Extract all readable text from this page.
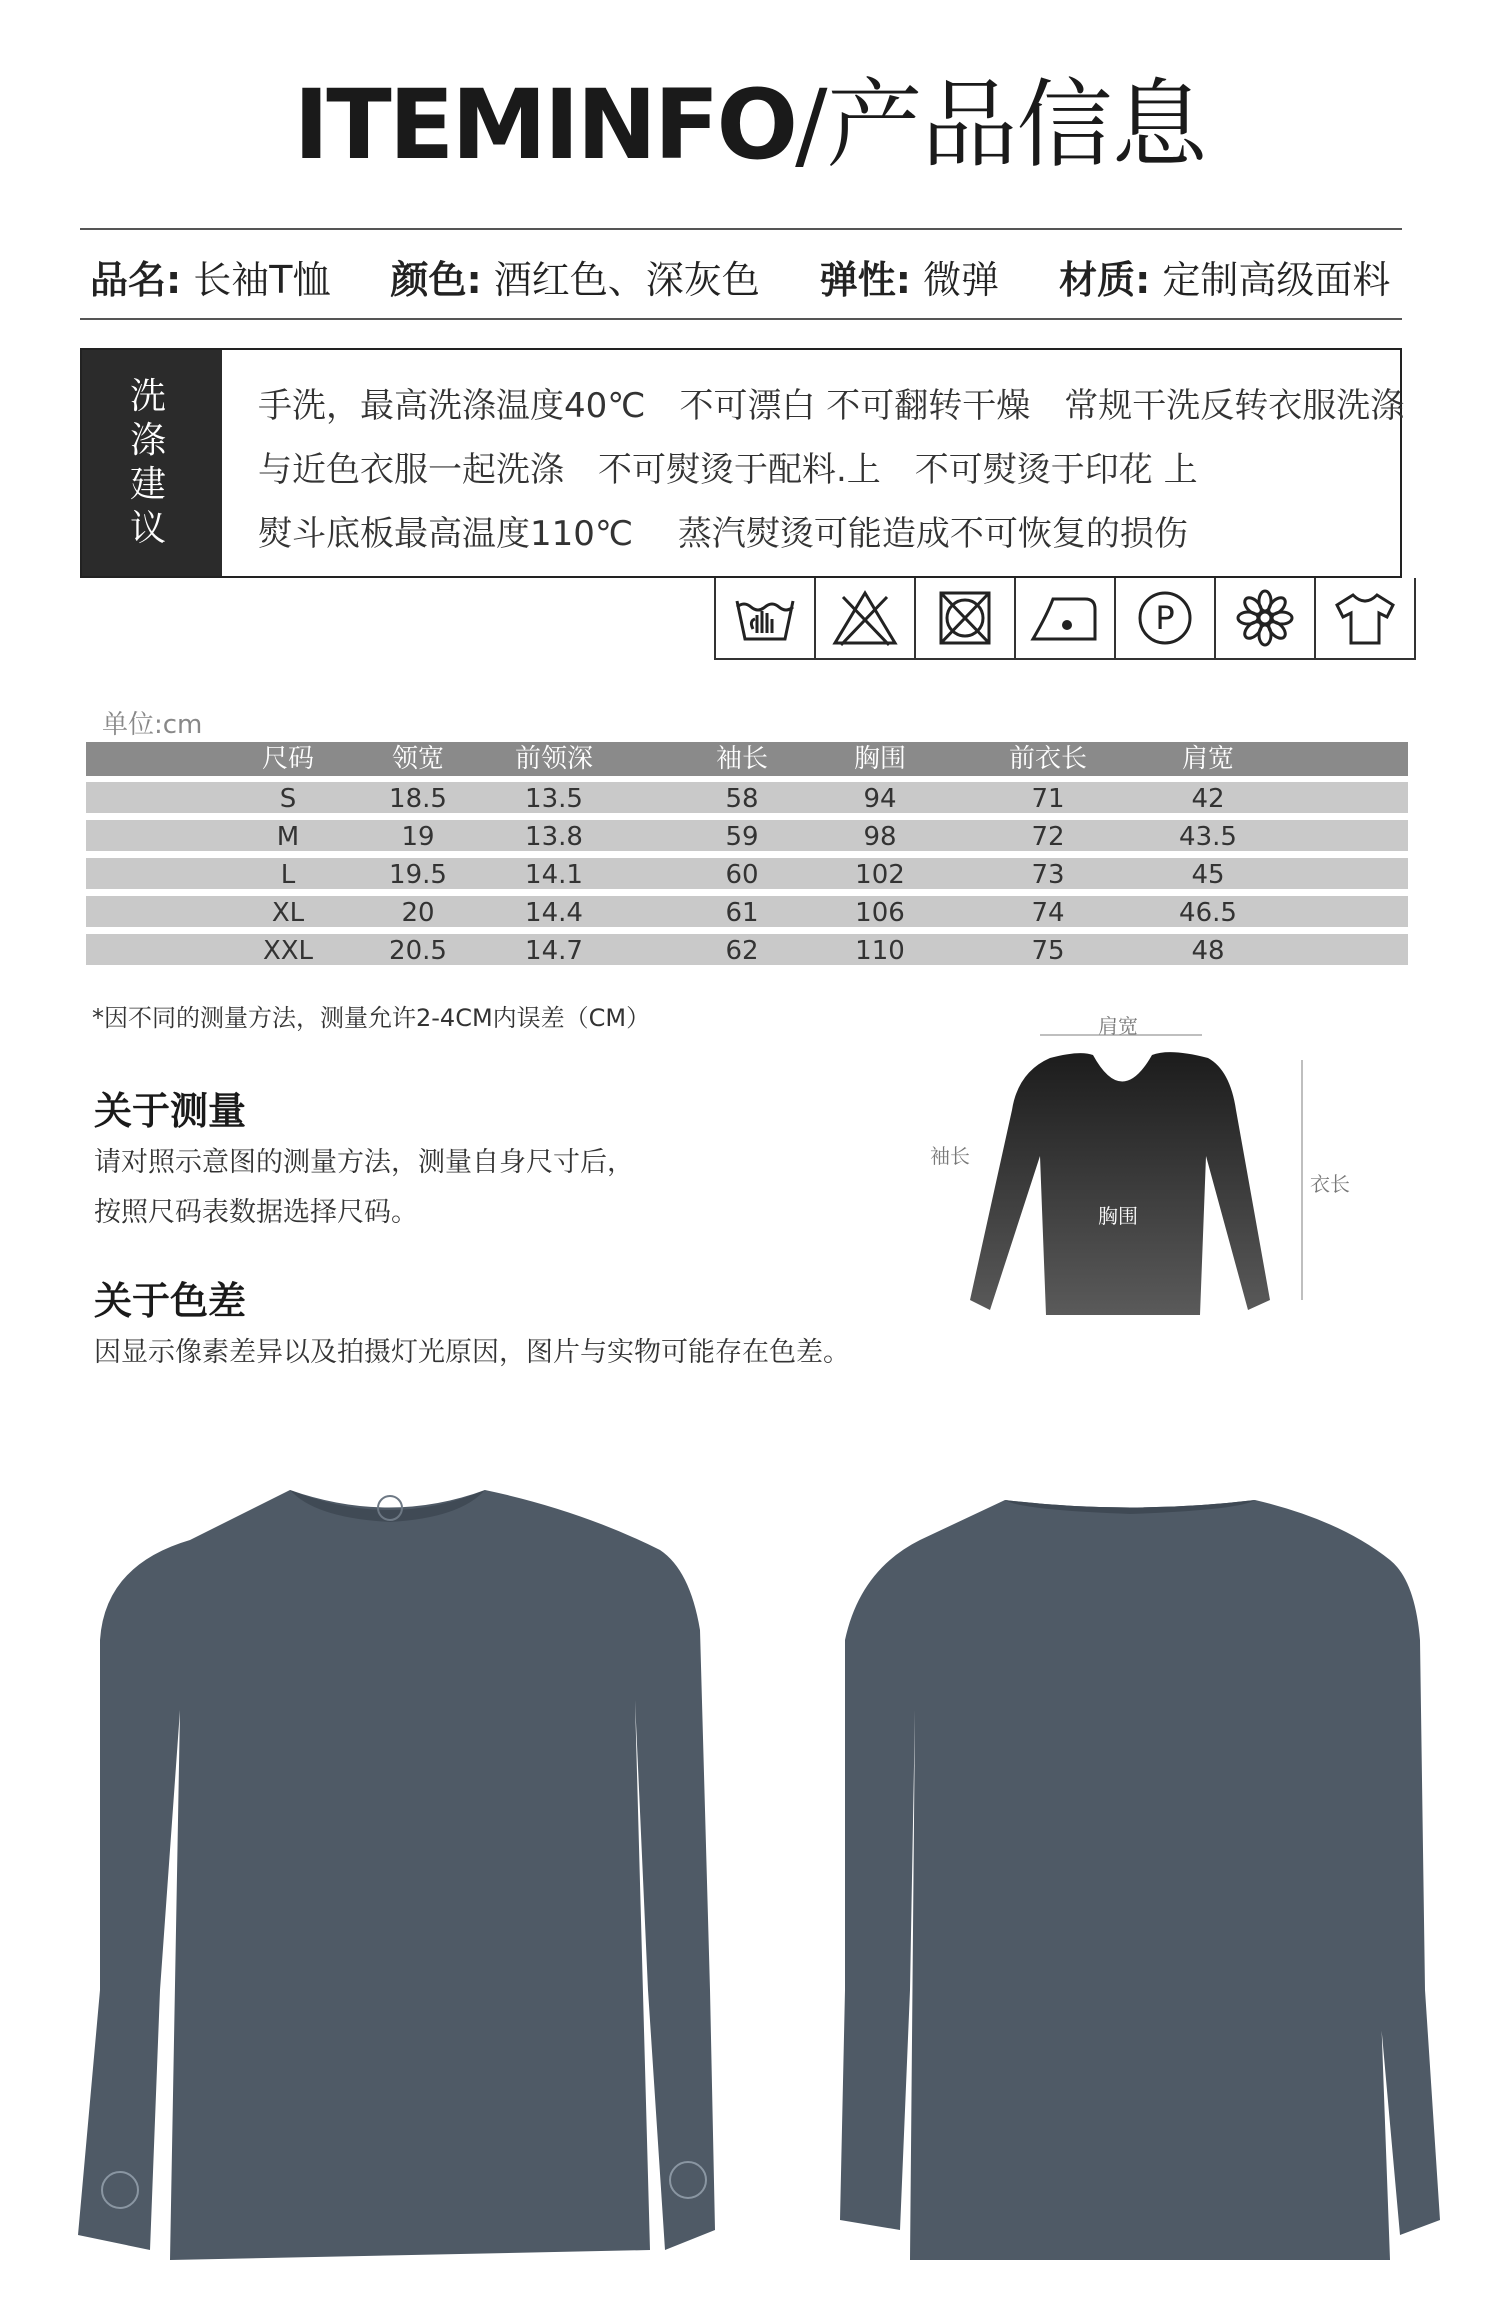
ITEMINFO/产品信息
品名: 长袖T恤 颜色: 酒红色、深灰色 弹性: 微弹 材质: 定制高级面料
洗涤建议
手洗，最高洗涤温度40℃　不可漂白 不可翻转干燥　常规干洗反转衣服洗涤
与近色衣服一起洗涤　不可熨烫于配料.上　不可熨烫于印花 上
熨斗底板最高温度110℃　 蒸汽熨烫可能造成不可恢复的损伤
P
单位:cm
尺码	领宽	前领深	袖长	胸围	前衣长	肩宽
S	18.5	13.5	58	94	71	42
M	19	13.8	59	98	72	43.5
L	19.5	14.1	60	102	73	45
XL	20	14.4	61	106	74	46.5
XXL	20.5	14.7	62	110	75	48
*因不同的测量方法，测量允许2-4CM内误差（CM）
关于测量
请对照示意图的测量方法，测量自身尺寸后，
按照尺码表数据选择尺码。
关于色差
因显示像素差异以及拍摄灯光原因，图片与实物可能存在色差。
肩宽
袖长
胸围
衣长
